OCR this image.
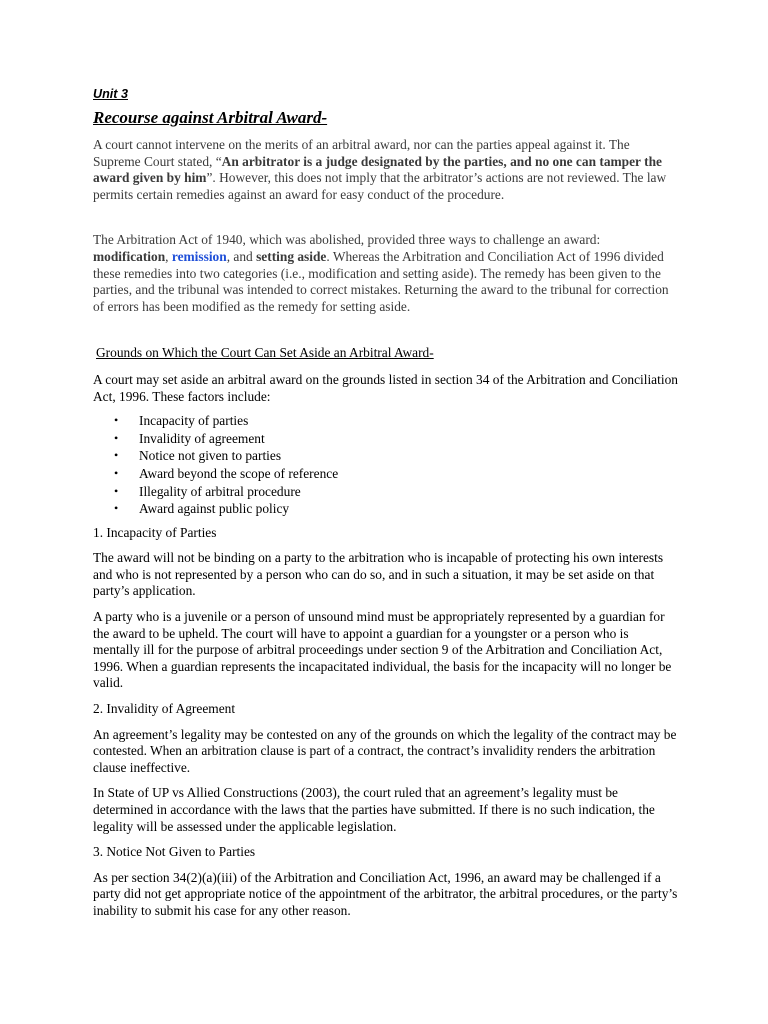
Unit 3
Recourse against Arbitral Award-

A court cannot intervene on the merits of an arbitral award, nor can the parties appeal against it. The Supreme Court stated, “An arbitrator is a judge designated by the parties, and no one can tamper the award given by him”. However, this does not imply that the arbitrator’s actions are not reviewed. The law permits certain remedies against an award for easy conduct of the procedure.

The Arbitration Act of 1940, which was abolished, provided three ways to challenge an award: modification, remission, and setting aside. Whereas the Arbitration and Conciliation Act of 1996 divided these remedies into two categories (i.e., modification and setting aside). The remedy has been given to the parties, and the tribunal was intended to correct mistakes. Returning the award to the tribunal for correction of errors has been modified as the remedy for setting aside.

Grounds on Which the Court Can Set Aside an Arbitral Award-

A court may set aside an arbitral award on the grounds listed in section 34 of the Arbitration and Conciliation Act, 1996. These factors include:

• Incapacity of parties
• Invalidity of agreement
• Notice not given to parties
• Award beyond the scope of reference
• Illegality of arbitral procedure
• Award against public policy
1. Incapacity of Parties

The award will not be binding on a party to the arbitration who is incapable of protecting his own interests and who is not represented by a person who can do so, and in such a situation, it may be set aside on that party’s application.

A party who is a juvenile or a person of unsound mind must be appropriately represented by a guardian for the award to be upheld. The court will have to appoint a guardian for a youngster or a person who is mentally ill for the purpose of arbitral proceedings under section 9 of the Arbitration and Conciliation Act, 1996. When a guardian represents the incapacitated individual, the basis for the incapacity will no longer be valid.

2. Invalidity of Agreement

An agreement’s legality may be contested on any of the grounds on which the legality of the contract may be contested. When an arbitration clause is part of a contract, the contract’s invalidity renders the arbitration clause ineffective.

In State of UP vs Allied Constructions (2003), the court ruled that an agreement’s legality must be determined in accordance with the laws that the parties have submitted. If there is no such indication, the legality will be assessed under the applicable legislation.

3. Notice Not Given to Parties

As per section 34(2)(a)(iii) of the Arbitration and Conciliation Act, 1996, an award may be challenged if a party did not get appropriate notice of the appointment of the arbitrator, the arbitral procedures, or the party’s inability to submit his case for any other reason.
